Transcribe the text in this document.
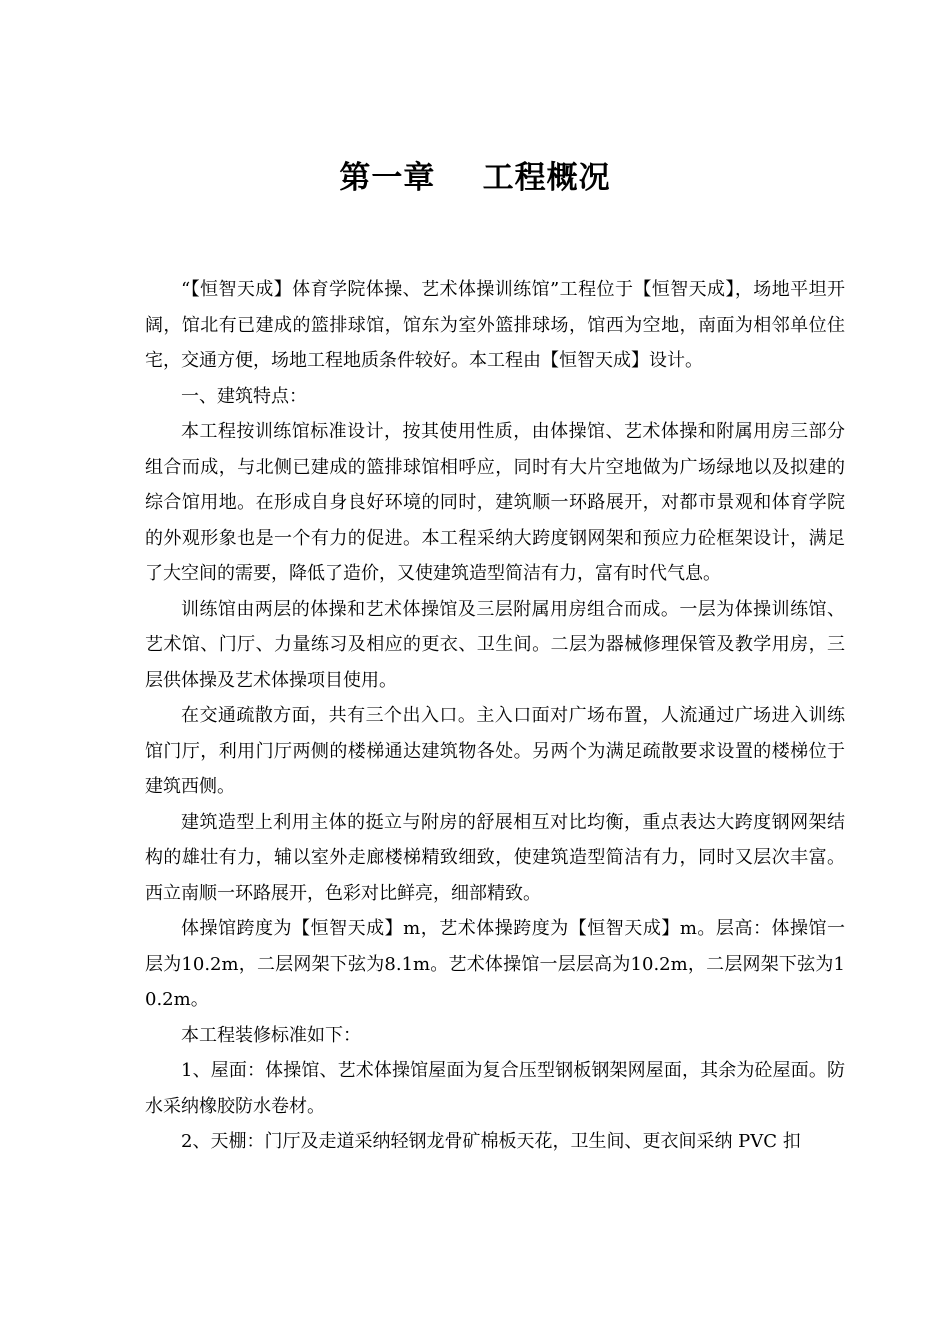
第一章    工程概况

“【恒智天成】体育学院体操、艺术体操训练馆”工程位于【恒智天成】，场地平坦开阔，馆北有已建成的篮排球馆，馆东为室外篮排球场，馆西为空地，南面为相邻单位住宅，交通方便，场地工程地质条件较好。本工程由【恒智天成】设计。

一、建筑特点：

本工程按训练馆标准设计，按其使用性质，由体操馆、艺术体操和附属用房三部分组合而成，与北侧已建成的篮排球馆相呼应，同时有大片空地做为广场绿地以及拟建的综合馆用地。在形成自身良好环境的同时，建筑顺一环路展开，对都市景观和体育学院的外观形象也是一个有力的促进。本工程采纳大跨度钢网架和预应力砼框架设计，满足了大空间的需要，降低了造价，又使建筑造型简洁有力，富有时代气息。

训练馆由两层的体操和艺术体操馆及三层附属用房组合而成。一层为体操训练馆、艺术馆、门厅、力量练习及相应的更衣、卫生间。二层为器械修理保管及教学用房，三层供体操及艺术体操项目使用。

在交通疏散方面，共有三个出入口。主入口面对广场布置，人流通过广场进入训练馆门厅，利用门厅两侧的楼梯通达建筑物各处。另两个为满足疏散要求设置的楼梯位于建筑西侧。

建筑造型上利用主体的挺立与附房的舒展相互对比均衡，重点表达大跨度钢网架结构的雄壮有力，辅以室外走廊楼梯精致细致，使建筑造型简洁有力，同时又层次丰富。西立南顺一环路展开，色彩对比鲜亮，细部精致。

体操馆跨度为【恒智天成】m，艺术体操跨度为【恒智天成】m。层高：体操馆一层为10.2m，二层网架下弦为8.1m。艺术体操馆一层层高为10.2m，二层网架下弦为10.2m。

本工程装修标准如下：

1、屋面：体操馆、艺术体操馆屋面为复合压型钢板钢架网屋面，其余为砼屋面。防水采纳橡胶防水卷材。

2、天棚：门厅及走道采纳轻钢龙骨矿棉板天花，卫生间、更衣间采纳 PVC 扣
